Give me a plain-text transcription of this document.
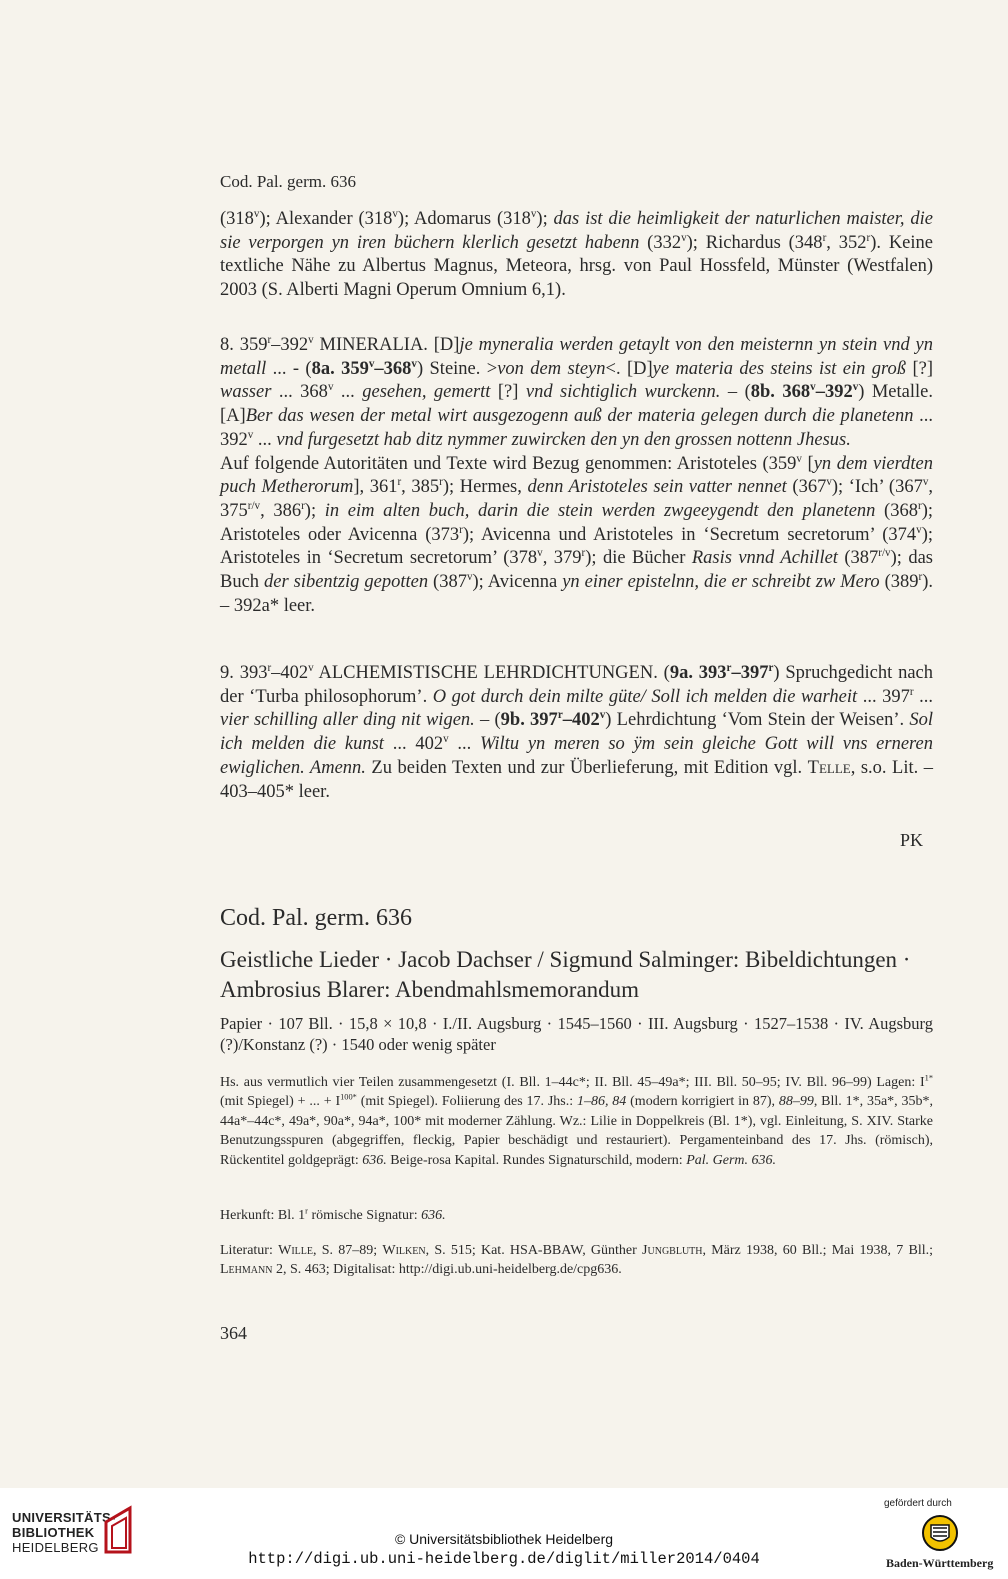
Cod. Pal. germ. 636
(318$^v$); Alexander (318$^v$); Adomarus (318$^v$); das ist die heimligkeit der naturlichen maister, die sie verporgen yn iren büchern klerlich gesetzt habenn (332$^v$); Richardus (348$^r$, 352$^r$). Keine textliche Nähe zu Albertus Magnus, Meteora, hrsg. von Paul Hossfeld, Münster (Westfalen) 2003 (S. Alberti Magni Operum Omnium 6,1).

8. 359$^r$–392$^v$ MINERALIA. [D]je myneralia werden getaylt von den meisternn yn stein vnd yn metall ... - (8a. 359$^v$–368$^v$) Steine. >von dem steyn<. [D]ye materia des steins ist ein groß [?] wasser ... 368$^v$ ... gesehen, gemertt [?] vnd sichtiglich wurckenn. – (8b. 368$^v$–392$^v$) Metalle. [A]Ber das wesen der metal wirt ausgezogenn auß der materia gelegen durch die planetenn ... 392$^v$ ... vnd furgesetzt hab ditz nymmer zuwircken den yn den grossen nottenn Jhesus.

Auf folgende Autoritäten und Texte wird Bezug genommen: Aristoteles (359$^v$ [yn dem vierdten puch Metherorum], 361$^r$, 385$^r$); Hermes, denn Aristoteles sein vatter nennet (367$^v$); ‘Ich’ (367$^v$, $375^{r/v}$, 386$^r$); in eim alten buch, darin die stein werden zwgeeygendt den planetenn (368$^r$); Aristoteles oder Avicenna (373$^r$); Avicenna und Aristoteles in ‘Secretum secretorum’ (374$^v$); Aristoteles in ‘Secretum secretorum’ (378$^v$, 379$^r$); die Bücher Rasis vnnd Achillet $(387^{r/v})$; das Buch der sibentzig gepotten (387$^v$); Avicenna yn einer epistelnn, die er schreibt zw Mero (389$^r$). – 392a* leer.

9. 393$^r$–402$^v$ ALCHEMISTISCHE LEHRDICHTUNGEN. (9a. 393$^r$–397$^r$) Spruchgedicht nach der ‘Turba philosophorum’. O got durch dein milte güte/ Soll ich melden die warheit ... 397$^r$ ... vier schilling aller ding nit wigen. – (9b. 397$^r$–402$^v$) Lehrdichtung ‘Vom Stein der Weisen’. Sol ich melden die kunst ... 402$^v$ ... Wiltu yn meren so ÿm sein gleiche Gott will vns erneren ewiglichen. Amenn. Zu beiden Texten und zur Überlieferung, mit Edition vgl. Telle, s.o. Lit. – 403–405* leer.
PK
Cod. Pal. germ. 636
Geistliche Lieder · Jacob Dachser / Sigmund Salminger: Bibeldichtungen · Ambrosius Blarer: Abendmahlsmemorandum
Papier · 107 Bll. · 15,8 × 10,8 · I./II. Augsburg · 1545–1560 · III. Augsburg · 1527–1538 · IV. Augsburg (?)/Konstanz (?) · 1540 oder wenig später
Hs. aus vermutlich vier Teilen zusammengesetzt (I. Bll. 1–44c*; II. Bll. 45–49a*; III. Bll. 50–95; IV. Bll. 96–99) Lagen: $I^{1*}$ (mit Spiegel) + ... + $I^{100*}$ (mit Spiegel). Foliierung des 17. Jhs.: 1–86, 84 (modern korrigiert in 87), 88–99, Bll. 1*, 35a*, 35b*, 44a*–44c*, 49a*, 90a*, 94a*, 100* mit moderner Zählung. Wz.: Lilie in Doppelkreis (Bl. 1*), vgl. Einleitung, S. XIV. Starke Benutzungsspuren (abgegriffen, fleckig, Papier beschädigt und restauriert). Pergamenteinband des 17. Jhs. (römisch), Rückentitel goldgeprägt: 636. Beige-rosa Kapital. Rundes Signaturschild, modern: Pal. Germ. 636.
Herkunft: Bl. 1$^r$ römische Signatur: 636.
Literatur: Wille, S. 87–89; Wilken, S. 515; Kat. HSA-BBAW, Günther Jungbluth, März 1938, 60 Bll.; Mai 1938, 7 Bll.; Lehmann 2, S. 463; Digitalisat: http://digi.ub.uni-heidelberg.de/cpg636.
364
UNIVERSITÄTS-
BIBLIOTHEK
HEIDELBERG
© Universitätsbibliothek Heidelberg
http://digi.ub.uni-heidelberg.de/diglit/miller2014/0404
gefördert durch
Baden-Württemberg
